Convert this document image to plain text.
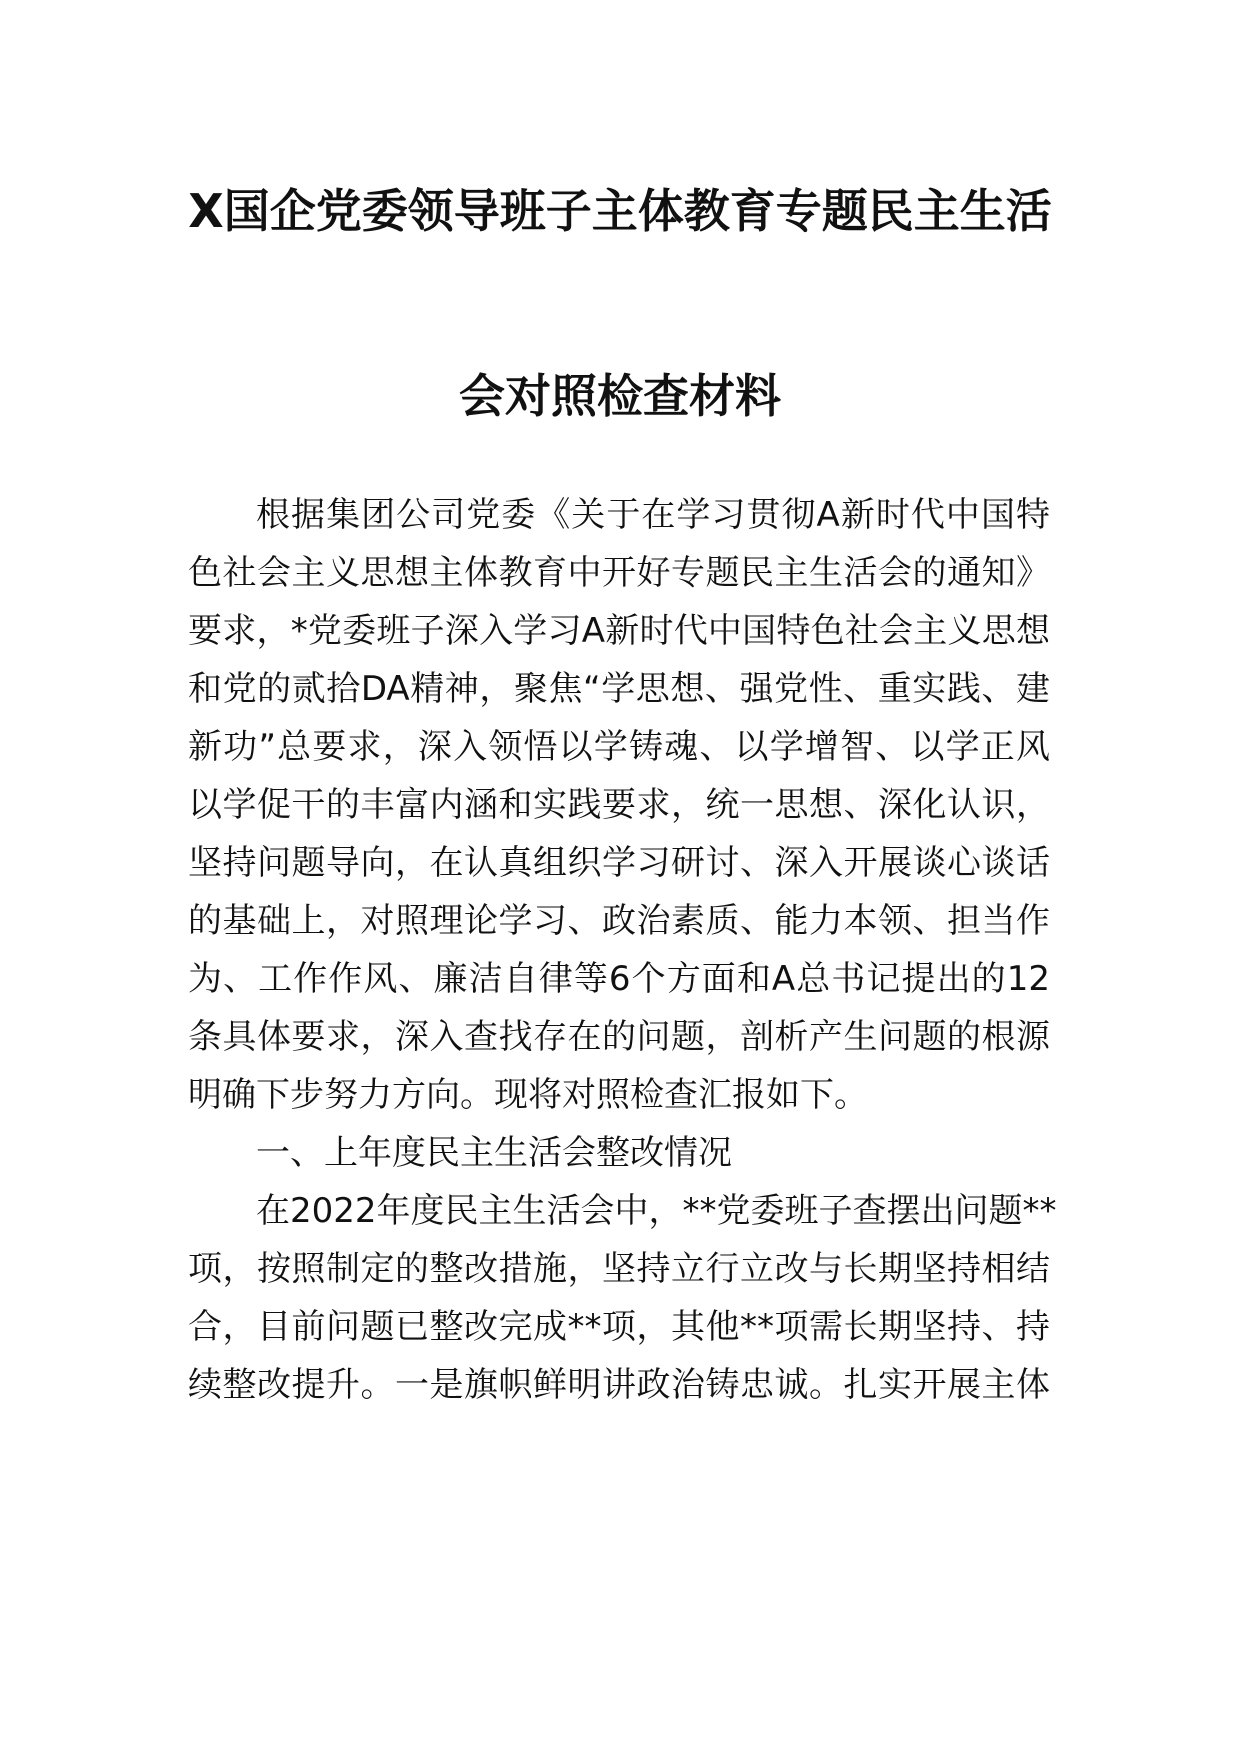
X国企党委领导班子主体教育专题民主生活
会对照检查材料
根据集团公司党委《关于在学习贯彻A新时代中国特
色社会主义思想主体教育中开好专题民主生活会的通知》
要求，*党委班子深入学习A新时代中国特色社会主义思想
和党的贰拾DA精神，聚焦“学思想、强党性、重实践、建
新功”总要求，深入领悟以学铸魂、以学增智、以学正风
以学促干的丰富内涵和实践要求，统一思想、深化认识，
坚持问题导向，在认真组织学习研讨、深入开展谈心谈话
的基础上，对照理论学习、政治素质、能力本领、担当作
为、工作作风、廉洁自律等6个方面和A总书记提出的12
条具体要求，深入查找存在的问题，剖析产生问题的根源
明确下步努力方向。现将对照检查汇报如下。
一、上年度民主生活会整改情况
在2022年度民主生活会中，**党委班子查摆出问题**
项，按照制定的整改措施，坚持立行立改与长期坚持相结
合，目前问题已整改完成**项，其他**项需长期坚持、持
续整改提升。一是旗帜鲜明讲政治铸忠诚。扎实开展主体
